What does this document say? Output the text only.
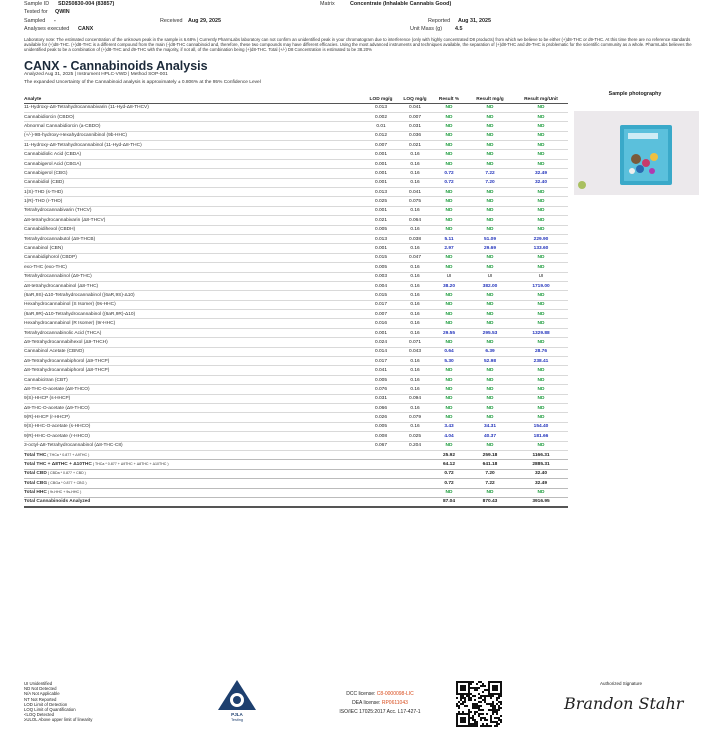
Sample ID	SD250830-004 (83857)	Matrix	Concentrate (Inhalable Cannabis Good)
Tested for	QWIN
Sampled	-	Received	Aug 29, 2025	Reported	Aug 31, 2025
Analyses executed	CANX	Unit Mass (g)	4.5
Laboratory note: The estimated concentration of the unknown peak in the sample is 6.68% | Currently PharmLabs laboratory can not confirm an unidentified peak in your chromatogram due to interference (only with highly concentrated D8 products) from which we believe to be either (+)d8-THC or d9-THC. At this time there are no reference standards available for (+)d8-THC. (+)d8-THC is a different compound from the main (-)d8-THC cannabinoid and, therefore, these two compounds may have different efficacies. Using the most advanced instruments and techniques available, the separation of (+)d8-THC and d9-THC is problematic for the scientific community as a whole. PharmLabs believes the unidentified peak to be a combination of (+)d8-THC and d9-THC with the majority, if not all, of the combination being (+)d8-THC. Total (+/-) D8 Concentration is estimated to be 38.20%
CANX - Cannabinoids Analysis
Analyzed Aug 31, 2025 | Instrument HPLC-VWD | Method SOP-001
The expanded Uncertainty of the Cannabinoid analysis is approximately ± 0.806% at the 95% Confidence Level
Analyte	LOD mg/g	LOQ mg/g	Result %	Result mg/g	Result mg/Unit
11-Hydroxy-Δ8-Tetrahydrocannabivarin (11-Hyd-Δ8-THCV)	0.013	0.041	ND	ND	ND
Cannabidiorcin (CBDO)	0.002	0.007	ND	ND	ND
Abnormal Cannabidiorcin (a-CBDO)	0.01	0.031	ND	ND	ND
(+/-)-9B-hydroxy-Hexahydrocannibinol (9b-HHC)	0.012	0.036	ND	ND	ND
11-Hydroxy-Δ8-Tetrahydrocannabinol (11-Hyd-Δ8-THC)	0.007	0.021	ND	ND	ND
Cannabidiolic Acid (CBDA)	0.001	0.16	ND	ND	ND
Cannabigerol Acid (CBGA)	0.001	0.16	ND	ND	ND
Cannabigerol (CBG)	0.001	0.16	0.72	7.22	32.49
Cannabidiol (CBD)	0.001	0.16	0.72	7.20	32.40
1(S)-THD (s-THD)	0.013	0.041	ND	ND	ND
1(R)-THD (r-THD)	0.025	0.075	ND	ND	ND
Tetrahydrocannabivarin (THCV)	0.001	0.16	ND	ND	ND
Δ8-tetrahydrocannabivarin (Δ8-THCV)	0.021	0.064	ND	ND	ND
Cannabidihexol (CBDH)	0.005	0.16	ND	ND	ND
Tetrahydrocannabutol (Δ9-THCB)	0.013	0.038	5.11	51.09	229.90
Cannabinol (CBN)	0.001	0.16	2.97	29.69	133.60
Cannabidiphorol (CBDP)	0.015	0.047	ND	ND	ND
exo-THC (exo-THC)	0.005	0.16	ND	ND	ND
Tetrahydrocannabinol (Δ9-THC)	0.003	0.16	UI	UI	UI
Δ8-tetrahydrocannabinol (Δ8-THC)	0.004	0.16	38.20	382.00	1719.00
(6aR,9S)-Δ10-Tetrahydrocannabinol ((6aR,9S)-Δ10)	0.015	0.16	ND	ND	ND
Hexahydrocannabinol (S Isomer) (9s-HHC)	0.017	0.16	ND	ND	ND
(6aR,9R)-Δ10-Tetrahydrocannabinol ((6aR,9R)-Δ10)	0.007	0.16	ND	ND	ND
Hexahydrocannabinol (R Isomer) (9r-HHC)	0.016	0.16	ND	ND	ND
Tetrahydrocannabinolic Acid (THCA)	0.001	0.16	29.55	295.53	1329.88
Δ9-Tetrahydrocannabihexol (Δ9-THCH)	0.024	0.071	ND	ND	ND
Cannabinol Acetate (CBNO)	0.014	0.043	0.64	6.39	28.76
Δ9-Tetrahydrocannabiphorol (Δ9-THCP)	0.017	0.16	5.30	52.98	238.41
Δ8-Tetrahydrocannabiphorol (Δ8-THCP)	0.041	0.16	ND	ND	ND
Cannabicitran (CBT)	0.005	0.16	ND	ND	ND
Δ8-THC-O-acetate (Δ8-THCO)	0.076	0.16	ND	ND	ND
9(S)-HHCP (s-HHCP)	0.031	0.094	ND	ND	ND
Δ9-THC-O-acetate (Δ9-THCO)	0.066	0.16	ND	ND	ND
9(R)-HHCP (r-HHCP)	0.026	0.079	ND	ND	ND
9(S)-HHC-O-acetate (s-HHCO)	0.005	0.16	3.43	34.31	154.40
9(R)-HHC-O-acetate (r-HHCO)	0.008	0.025	4.04	40.37	181.66
3-octyl-Δ8-Tetrahydrocannabinol (Δ8-THC-C8)	0.067	0.204	ND	ND	ND
Total THC ( THCa * 0.877 + Δ9THC )			25.92	259.18	1166.31
Total THC + Δ8THC + Δ10THC ( THCa * 0.877 + Δ9THC + Δ8THC + Δ10THC )			64.12	641.18	2885.31
Total CBD ( CBDa * 0.877 + CBD )			0.72	7.20	32.40
Total CBG ( CBGa * 0.877 + CBG )			0.72	7.22	32.49
Total HHC ( 9r-HHC + 9s-HHC )			ND	ND	ND
Total Cannabinoids Analyzed			87.04	870.43	3916.95
Sample photography
UI Unidentified
ND Not Detected
N/A Not Applicable
NT Not Reported
LOD Limit of Detection
LOQ Limit of Quantification
<LOQ Detected
≥ULOL Above upper limit of linearity
PJLA
Testing
DCC license: C8-0000098-LIC
DEA license: RP0611043
ISO/IEC 17025:2017 Acc. L17-427-1
Authorized Signature
Brandon Stahr
